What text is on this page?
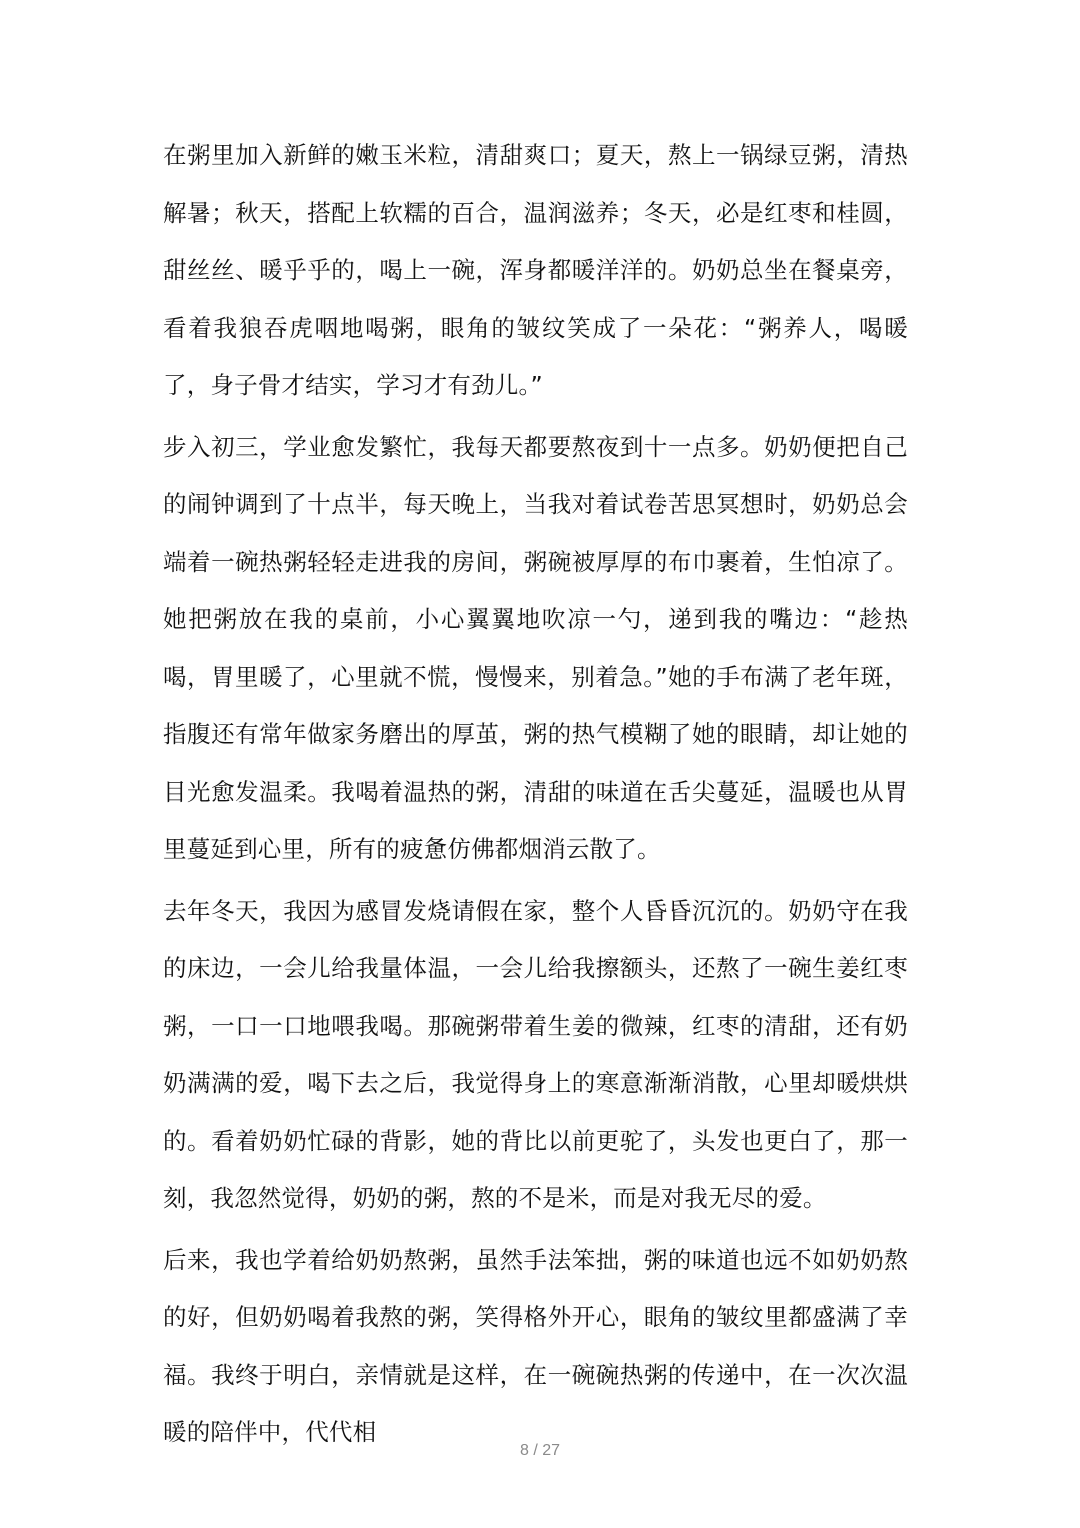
在粥里加入新鲜的嫩玉米粒，清甜爽口；夏天，熬上一锅绿豆粥，清热解暑；秋天，搭配上软糯的百合，温润滋养；冬天，必是红枣和桂圆，甜丝丝、暖乎乎的，喝上一碗，浑身都暖洋洋的。奶奶总坐在餐桌旁，看着我狼吞虎咽地喝粥，眼角的皱纹笑成了一朵花：“粥养人，喝暖了，身子骨才结实，学习才有劲儿。”

步入初三，学业愈发繁忙，我每天都要熬夜到十一点多。奶奶便把自己的闹钟调到了十点半，每天晚上，当我对着试卷苦思冥想时，奶奶总会端着一碗热粥轻轻走进我的房间，粥碗被厚厚的布巾裹着，生怕凉了。她把粥放在我的桌前，小心翼翼地吹凉一勺，递到我的嘴边：“趁热喝，胃里暖了，心里就不慌，慢慢来，别着急。”她的手布满了老年斑，指腹还有常年做家务磨出的厚茧，粥的热气模糊了她的眼睛，却让她的目光愈发温柔。我喝着温热的粥，清甜的味道在舌尖蔓延，温暖也从胃里蔓延到心里，所有的疲惫仿佛都烟消云散了。

去年冬天，我因为感冒发烧请假在家，整个人昏昏沉沉的。奶奶守在我的床边，一会儿给我量体温，一会儿给我擦额头，还熬了一碗生姜红枣粥，一口一口地喂我喝。那碗粥带着生姜的微辣，红枣的清甜，还有奶奶满满的爱，喝下去之后，我觉得身上的寒意渐渐消散，心里却暖烘烘的。看着奶奶忙碌的背影，她的背比以前更驼了，头发也更白了，那一刻，我忽然觉得，奶奶的粥，熬的不是米，而是对我无尽的爱。

后来，我也学着给奶奶熬粥，虽然手法笨拙，粥的味道也远不如奶奶熬的好，但奶奶喝着我熬的粥，笑得格外开心，眼角的皱纹里都盛满了幸福。我终于明白，亲情就是这样，在一碗碗热粥的传递中，在一次次温暖的陪伴中，代代相

8 / 27
